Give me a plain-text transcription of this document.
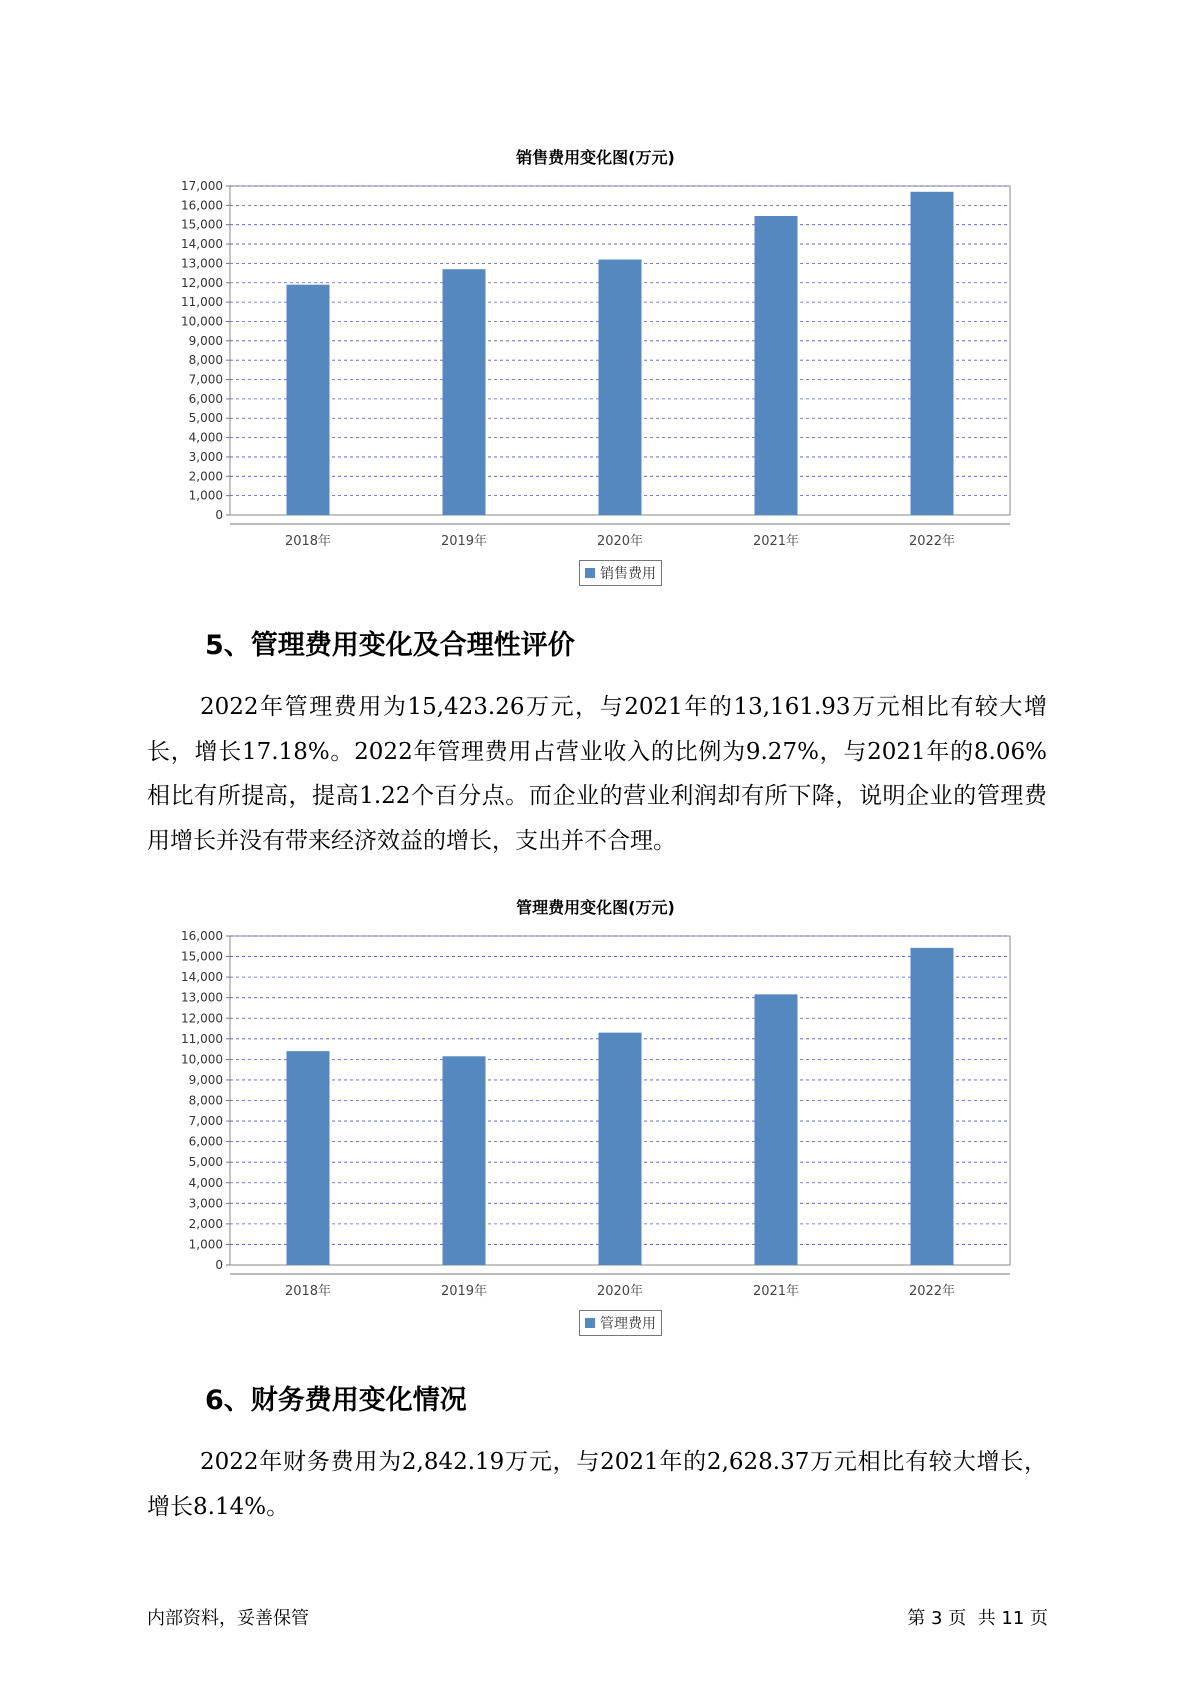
销售费用变化图(万元)
0
1,000
2,000
3,000
4,000
5,000
6,000
7,000
8,000
9,000
10,000
11,000
12,000
13,000
14,000
15,000
16,000
17,000
2018年	2019年	2020年	2021年	2022年
销售费用
5、管理费用变化及合理性评价
2022年管理费用为15,423.26万元，与2021年的13,161.93万元相比有较大增长，增长17.18%。2022年管理费用占营业收入的比例为9.27%，与2021年的8.06%相比有所提高，提高1.22个百分点。而企业的营业利润却有所下降，说明企业的管理费用增长并没有带来经济效益的增长，支出并不合理。
管理费用变化图(万元)
0
1,000
2,000
3,000
4,000
5,000
6,000
7,000
8,000
9,000
10,000
11,000
12,000
13,000
14,000
15,000
16,000
2018年	2019年	2020年	2021年	2022年
管理费用
6、财务费用变化情况
2022年财务费用为2,842.19万元，与2021年的2,628.37万元相比有较大增长，增长8.14%。
内部资料，妥善保管	第 3 页  共 11 页
